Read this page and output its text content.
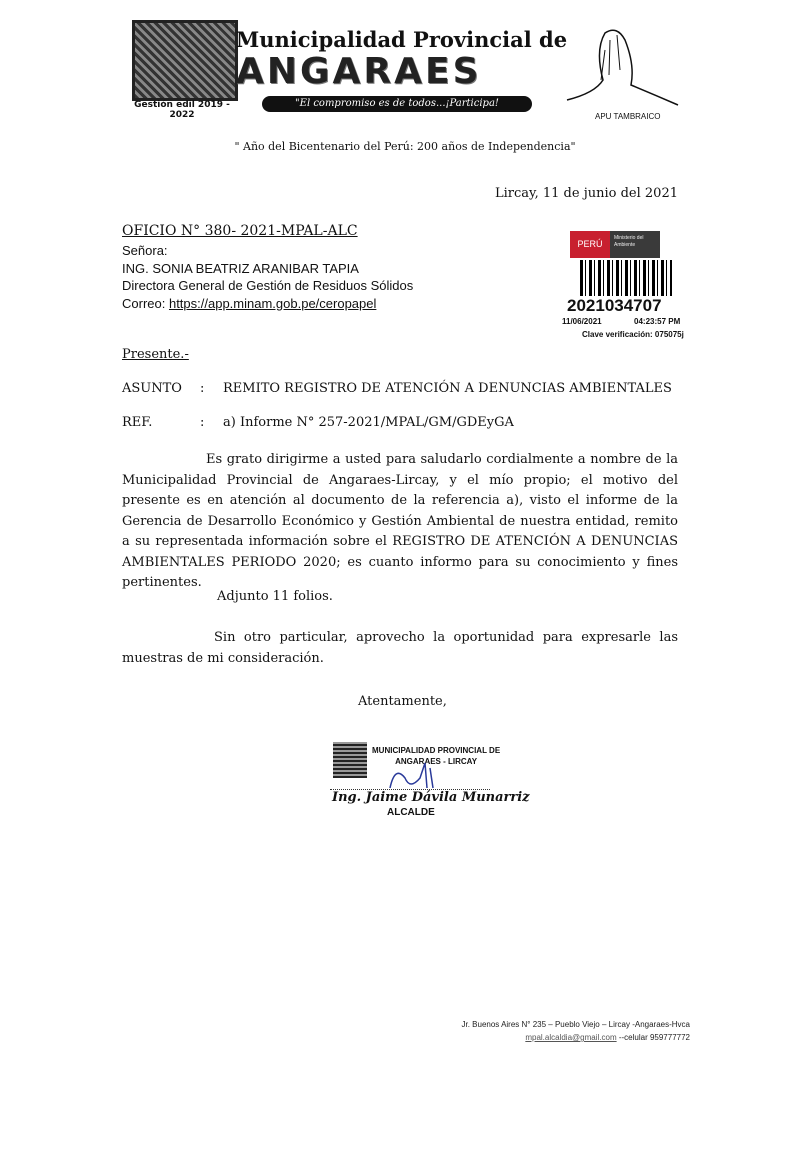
Gestión edil 2019 - 2022
Municipalidad Provincial de
ANGARAES
"El compromiso es de todos...¡Participa!
APU TAMBRAICO
" Año del Bicentenario del Perú: 200 años de Independencia"
Lircay, 11 de junio del 2021
OFICIO N° 380- 2021-MPAL-ALC
Señora:
ING. SONIA BEATRIZ ARANIBAR TAPIA
Directora General de Gestión de Residuos Sólidos
Correo: https://app.minam.gob.pe/ceropapel
PERÚ
Ministerio del Ambiente
2021034707
11/06/2021	04:23:57 PM
Clave verificación: 075075j
Presente.-
ASUNTO : REMITO REGISTRO DE ATENCIÓN A DENUNCIAS AMBIENTALES
REF.	: a) Informe N° 257-2021/MPAL/GM/GDEyGA
Es grato dirigirme a usted para saludarlo cordialmente a nombre de la Municipalidad Provincial de Angaraes-Lircay, y el mío propio; el motivo del presente es en atención al documento de la referencia a), visto el informe de la Gerencia de Desarrollo Económico y Gestión Ambiental de nuestra entidad, remito a su representada información sobre el REGISTRO DE ATENCIÓN A DENUNCIAS AMBIENTALES PERIODO 2020; es cuanto informo para su conocimiento y fines pertinentes.
Adjunto 11 folios.
Sin otro particular, aprovecho la oportunidad para expresarle las muestras de mi consideración.
Atentamente,
MUNICIPALIDAD PROVINCIAL DE
ANGARAES - LIRCAY
Ing. Jaime Dávila Munarriz
ALCALDE
Jr. Buenos Aires N° 235 – Pueblo Viejo – Lircay -Angaraes-Hvca
mpal.alcaldia@gmail.com --celular 959777772
